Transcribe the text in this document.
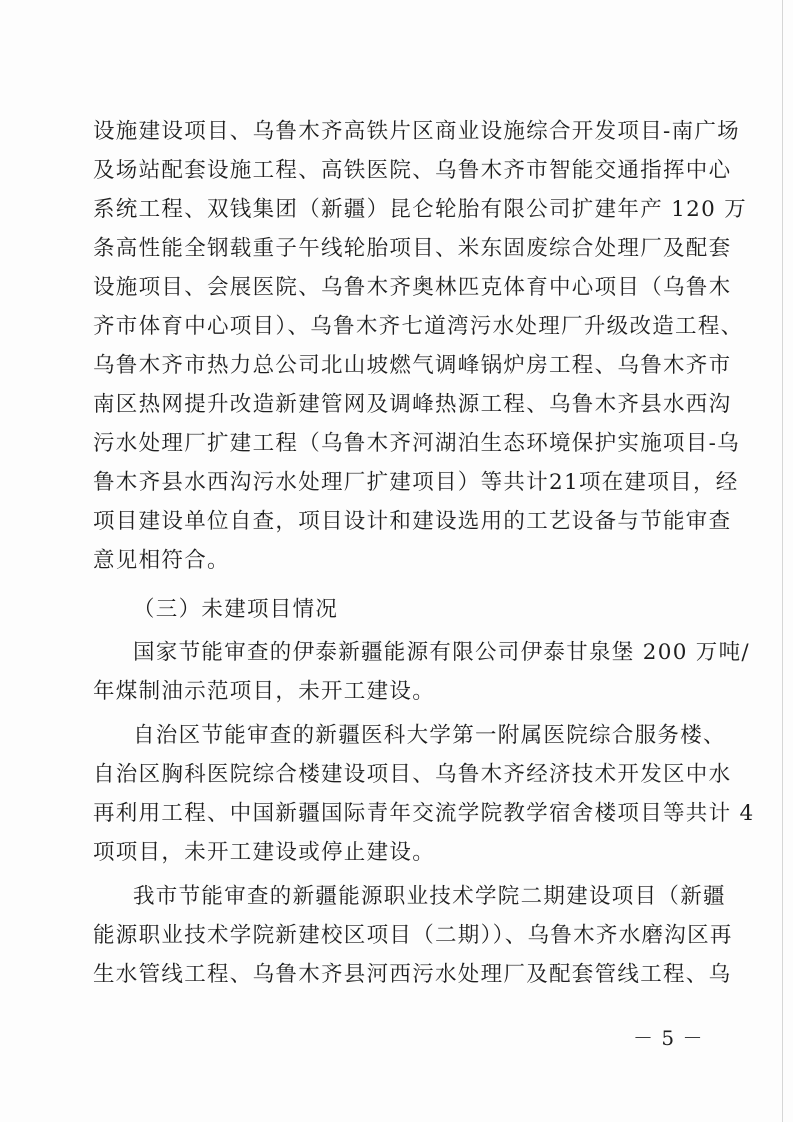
设施建设项目、乌鲁木齐高铁片区商业设施综合开发项目-南广场
及场站配套设施工程、高铁医院、乌鲁木齐市智能交通指挥中心
系统工程、双钱集团（新疆）昆仑轮胎有限公司扩建年产 120 万
条高性能全钢载重子午线轮胎项目、米东固废综合处理厂及配套
设施项目、会展医院、乌鲁木齐奥林匹克体育中心项目（乌鲁木
齐市体育中心项目）、乌鲁木齐七道湾污水处理厂升级改造工程、
乌鲁木齐市热力总公司北山坡燃气调峰锅炉房工程、乌鲁木齐市
南区热网提升改造新建管网及调峰热源工程、乌鲁木齐县水西沟
污水处理厂扩建工程（乌鲁木齐河湖泊生态环境保护实施项目-乌
鲁木齐县水西沟污水处理厂扩建项目）等共计21项在建项目，经
项目建设单位自查，项目设计和建设选用的工艺设备与节能审查
意见相符合。
（三）未建项目情况
国家节能审查的伊泰新疆能源有限公司伊泰甘泉堡 200 万吨/
年煤制油示范项目，未开工建设。
自治区节能审查的新疆医科大学第一附属医院综合服务楼、
自治区胸科医院综合楼建设项目、乌鲁木齐经济技术开发区中水
再利用工程、中国新疆国际青年交流学院教学宿舍楼项目等共计 4
项项目，未开工建设或停止建设。
我市节能审查的新疆能源职业技术学院二期建设项目（新疆
能源职业技术学院新建校区项目（二期））、乌鲁木齐水磨沟区再
生水管线工程、乌鲁木齐县河西污水处理厂及配套管线工程、乌
－ 5 －
